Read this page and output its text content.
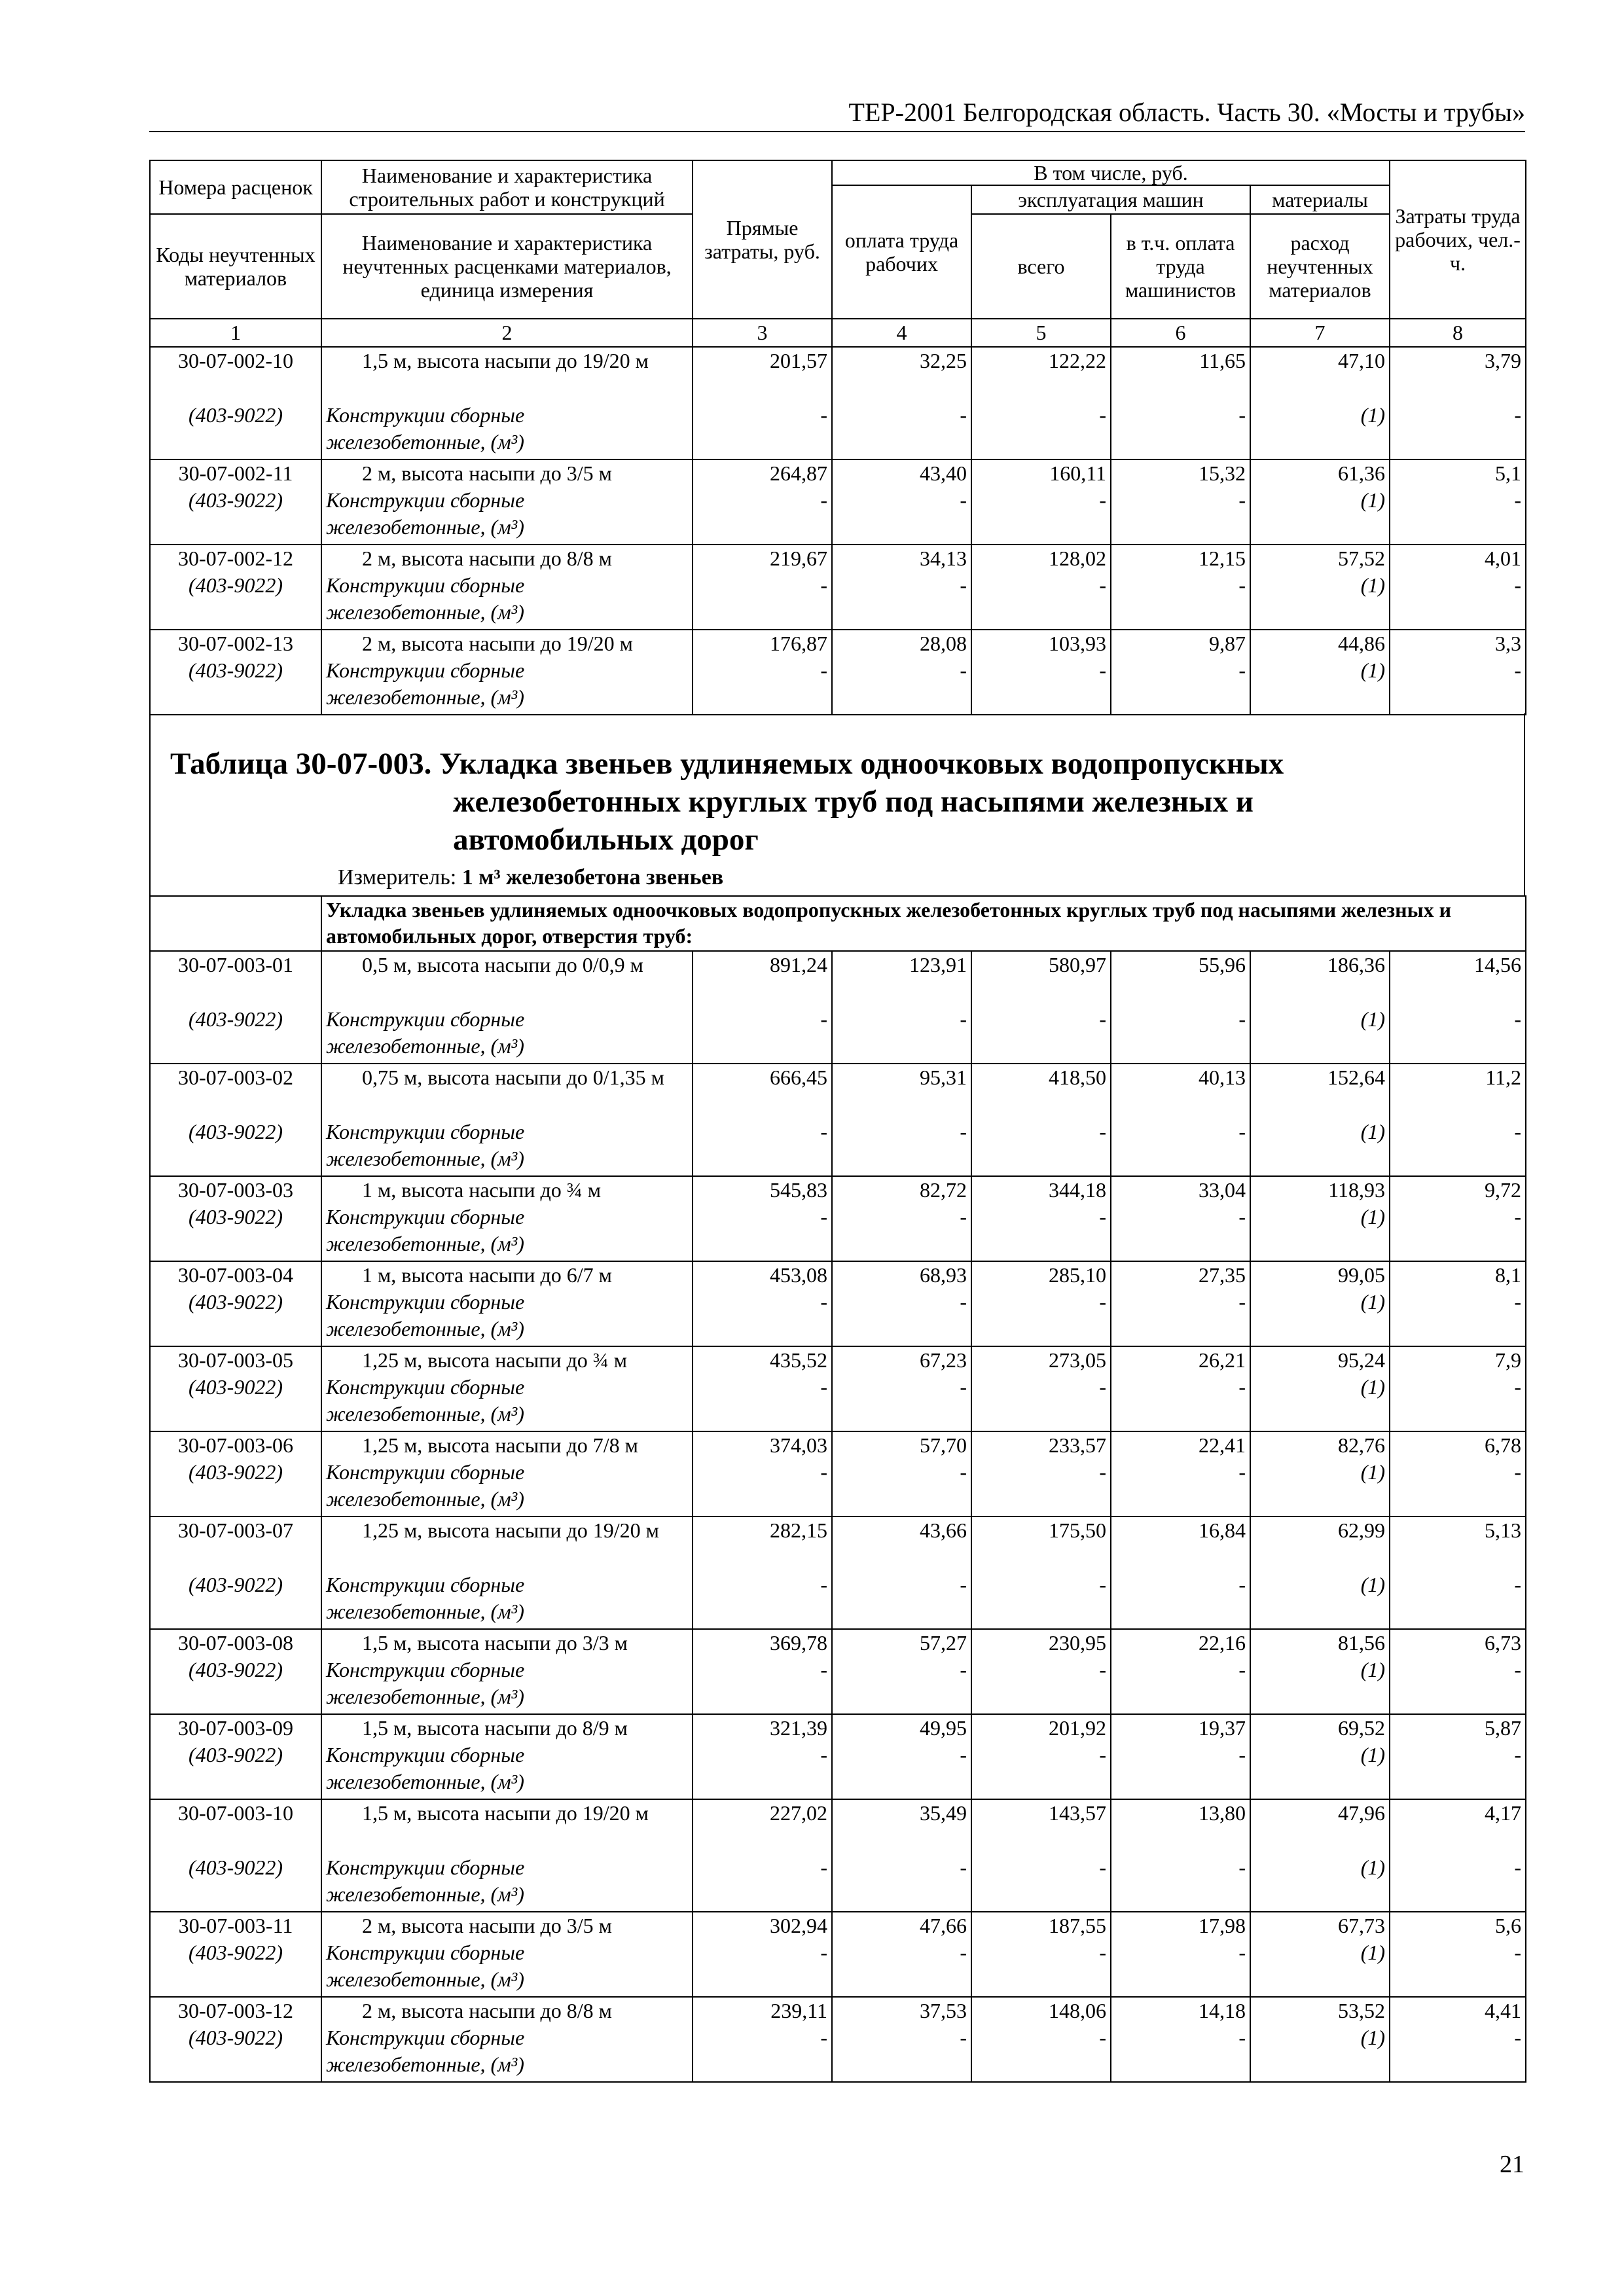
ТЕР-2001 Белгородская область. Часть 30. «Мосты и трубы»
Номера расценок	Наименование и характеристика строительных работ и конструкций	Прямые затраты, руб.	В том числе, руб.				Затраты труда рабочих, чел.-ч.
			оплата труда рабочих	эксплуатация машин		материалы	
Коды неучтенных материалов	Наименование и характеристика неучтенных расценками материалов, единица измерения			всего	в т.ч. оплата труда машинистов	расход неучтенных материалов	

1	2	3	4	5	6	7	8
30-07-002-10	1,5 м, высота насыпи до 19/20 м	201,57	32,25	122,22	11,65	47,10	3,79
(403-9022)	Конструкции сборные железобетонные, (м³)	-	-	-	-	(1)	-
30-07-002-11	2 м, высота насыпи до 3/5 м	264,87	43,40	160,11	15,32	61,36	5,1
(403-9022)	Конструкции сборные железобетонные, (м³)	-	-	-	-	(1)	-
30-07-002-12	2 м, высота насыпи до 8/8 м	219,67	34,13	128,02	12,15	57,52	4,01
(403-9022)	Конструкции сборные железобетонные, (м³)	-	-	-	-	(1)	-
30-07-002-13	2 м, высота насыпи до 19/20 м	176,87	28,08	103,93	9,87	44,86	3,3
(403-9022)	Конструкции сборные железобетонные, (м³)	-	-	-	-	(1)	-
Таблица 30-07-003. Укладка звеньев удлиняемых одноочковых водопропускных
железобетонных круглых труб под насыпями железных и
автомобильных дорог
Измеритель: 1 м³ железобетона звеньев
	Укладка звеньев удлиняемых одноочковых водопропускных железобетонных круглых труб под насыпями железных и автомобильных дорог, отверстия труб:						
30-07-003-01	0,5 м, высота насыпи до 0/0,9 м	891,24	123,91	580,97	55,96	186,36	14,56
(403-9022)	Конструкции сборные железобетонные, (м³)	-	-	-	-	(1)	-
30-07-003-02	0,75 м, высота насыпи до 0/1,35 м	666,45	95,31	418,50	40,13	152,64	11,2
(403-9022)	Конструкции сборные железобетонные, (м³)	-	-	-	-	(1)	-
30-07-003-03	1 м, высота насыпи до ¾ м	545,83	82,72	344,18	33,04	118,93	9,72
(403-9022)	Конструкции сборные железобетонные, (м³)	-	-	-	-	(1)	-
30-07-003-04	1 м, высота насыпи до 6/7 м	453,08	68,93	285,10	27,35	99,05	8,1
(403-9022)	Конструкции сборные железобетонные, (м³)	-	-	-	-	(1)	-
30-07-003-05	1,25 м, высота насыпи до ¾ м	435,52	67,23	273,05	26,21	95,24	7,9
(403-9022)	Конструкции сборные железобетонные, (м³)	-	-	-	-	(1)	-
30-07-003-06	1,25 м, высота насыпи до 7/8 м	374,03	57,70	233,57	22,41	82,76	6,78
(403-9022)	Конструкции сборные железобетонные, (м³)	-	-	-	-	(1)	-
30-07-003-07	1,25 м, высота насыпи до 19/20 м	282,15	43,66	175,50	16,84	62,99	5,13
(403-9022)	Конструкции сборные железобетонные, (м³)	-	-	-	-	(1)	-
30-07-003-08	1,5 м, высота насыпи до 3/3 м	369,78	57,27	230,95	22,16	81,56	6,73
(403-9022)	Конструкции сборные железобетонные, (м³)	-	-	-	-	(1)	-
30-07-003-09	1,5 м, высота насыпи до 8/9 м	321,39	49,95	201,92	19,37	69,52	5,87
(403-9022)	Конструкции сборные железобетонные, (м³)	-	-	-	-	(1)	-
30-07-003-10	1,5 м, высота насыпи до 19/20 м	227,02	35,49	143,57	13,80	47,96	4,17
(403-9022)	Конструкции сборные железобетонные, (м³)	-	-	-	-	(1)	-
30-07-003-11	2 м, высота насыпи до 3/5 м	302,94	47,66	187,55	17,98	67,73	5,6
(403-9022)	Конструкции сборные железобетонные, (м³)	-	-	-	-	(1)	-
30-07-003-12	2 м, высота насыпи до 8/8 м	239,11	37,53	148,06	14,18	53,52	4,41
(403-9022)	Конструкции сборные железобетонные, (м³)	-	-	-	-	(1)	-
21
